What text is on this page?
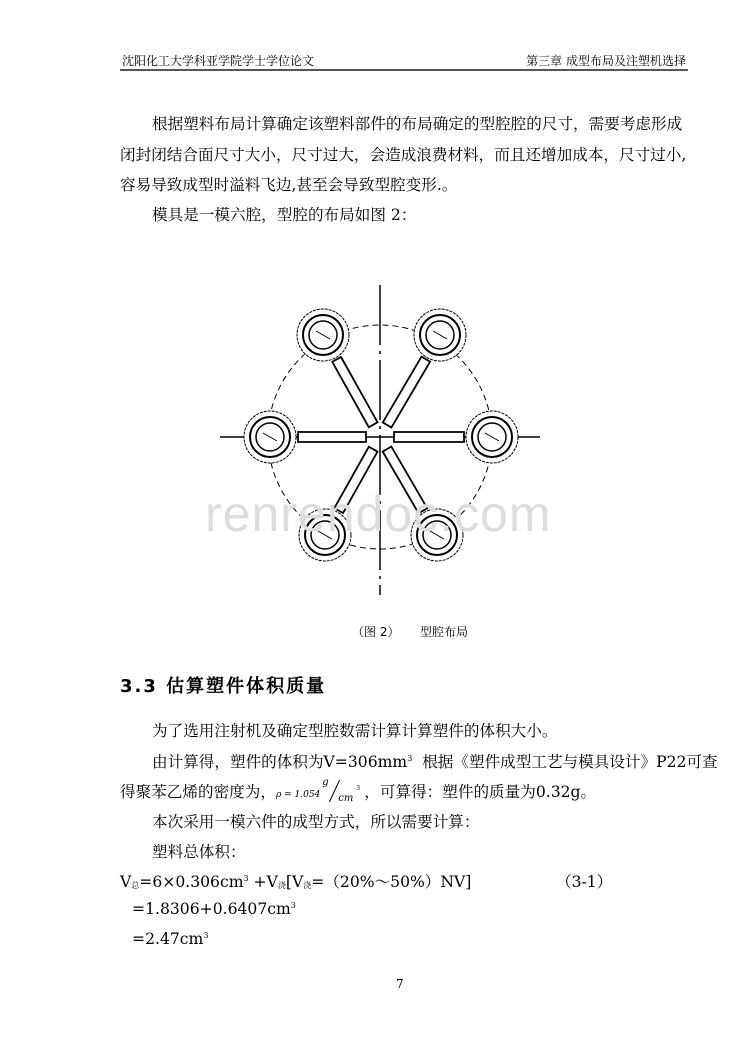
沈阳化工大学科亚学院学士学位论文	第三章 成型布局及注塑机选择
根据塑料布局计算确定该塑料部件的布局确定的型腔腔的尺寸，需要考虑形成
闭封闭结合面尺寸大小，尺寸过大，会造成浪费材料，而且还增加成本，尺寸过小,
容易导致成型时溢料飞边,甚至会导致型腔变形.。
模具是一模六腔，型腔的布局如图 2：
renrendoc.com
（图 2） 型腔布局
3.3 估算塑件体积质量
为了选用注射机及确定型腔数需计算计算塑件的体积大小。
由计算得，塑件的体积为$V=306mm^3$  根据《塑件成型工艺与模具设计》P22可查
得聚苯乙烯的密度为，ρ = 1.054
g
cm
3 ，可算得：塑件的质量为0.32g。
本次采用一模六件的成型方式，所以需要计算：
塑料总体积：
$V_总=6\times 0.306cm^3$ $+V_浇[V_浇=(20\%\sim 50\%)NV]$	（3-1）
$=1.8306+0.6407cm^3$
$=2.47cm^3$
7
